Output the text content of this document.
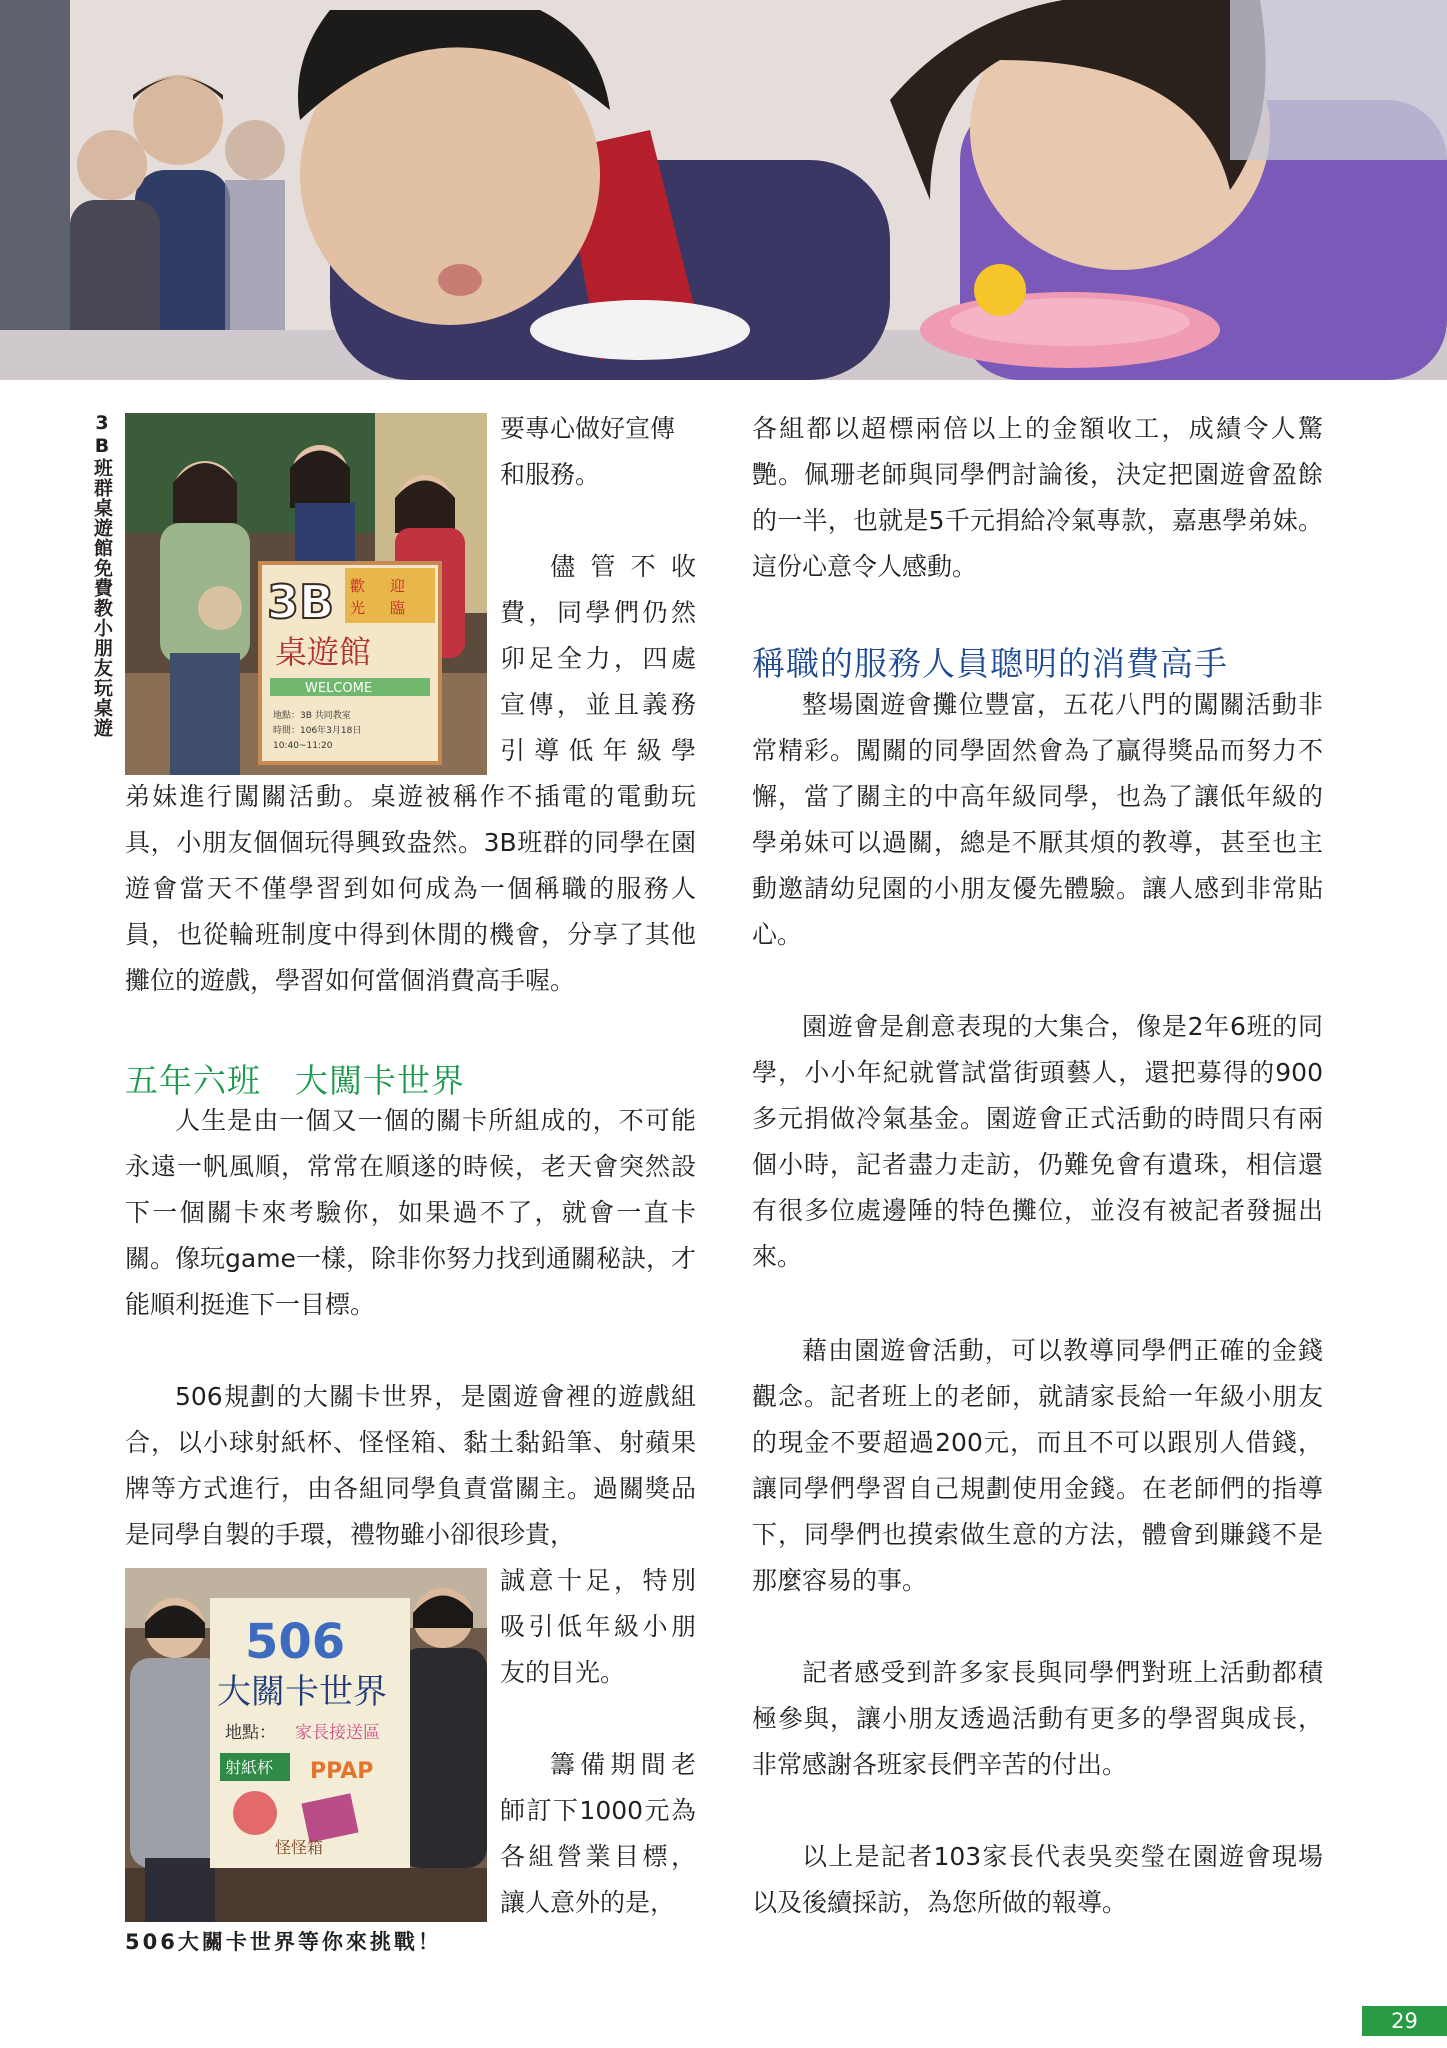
3B班群桌遊館免費教小朋友玩桌遊	3B 歡 迎
光 臨
桌遊館
WELCOME
地點：3B 共同教室
時間：106年3月18日
10:40~11:20
506
大關卡世界
地點： 家長接送區
射紙杯 PPAP
怪怪箱

要專心做好宣傳和服務。

儘管不收費，同學們仍然卯足全力，四處宣傳，並且義務引導低年級學

弟妹進行闖關活動。桌遊被稱作不插電的電動玩具，小朋友個個玩得興致盎然。3B班群的同學在園遊會當天不僅學習到如何成為一個稱職的服務人員，也從輪班制度中得到休閒的機會，分享了其他攤位的遊戲，學習如何當個消費高手喔。

五年六班　大闖卡世界

人生是由一個又一個的關卡所組成的，不可能永遠一帆風順，常常在順遂的時候，老天會突然設下一個關卡來考驗你，如果過不了，就會一直卡關。像玩game一樣，除非你努力找到通關秘訣，才能順利挺進下一目標。

506規劃的大關卡世界，是園遊會裡的遊戲組合，以小球射紙杯、怪怪箱、黏土黏鉛筆、射蘋果牌等方式進行，由各組同學負責當關主。過關獎品是同學自製的手環，禮物雖小卻很珍貴，

誠意十足，特別吸引低年級小朋友的目光。

籌備期間老師訂下1000元為各組營業目標，讓人意外的是，

506大關卡世界等你來挑戰！

各組都以超標兩倍以上的金額收工，成績令人驚艷。佩珊老師與同學們討論後，決定把園遊會盈餘的一半，也就是5千元捐給冷氣專款，嘉惠學弟妹。這份心意令人感動。

稱職的服務人員聰明的消費高手

整場園遊會攤位豐富，五花八門的闖關活動非常精彩。闖關的同學固然會為了贏得獎品而努力不懈，當了關主的中高年級同學，也為了讓低年級的學弟妹可以過關，總是不厭其煩的教導，甚至也主動邀請幼兒園的小朋友優先體驗。讓人感到非常貼心。

園遊會是創意表現的大集合，像是2年6班的同學，小小年紀就嘗試當街頭藝人，還把募得的900多元捐做冷氣基金。園遊會正式活動的時間只有兩個小時，記者盡力走訪，仍難免會有遺珠，相信還有很多位處邊陲的特色攤位，並沒有被記者發掘出來。

藉由園遊會活動，可以教導同學們正確的金錢觀念。記者班上的老師，就請家長給一年級小朋友的現金不要超過200元，而且不可以跟別人借錢，讓同學們學習自己規劃使用金錢。在老師們的指導下，同學們也摸索做生意的方法，體會到賺錢不是那麼容易的事。

記者感受到許多家長與同學們對班上活動都積極參與，讓小朋友透過活動有更多的學習與成長，非常感謝各班家長們辛苦的付出。

以上是記者103家長代表吳奕瑩在園遊會現場以及後續採訪，為您所做的報導。

29
